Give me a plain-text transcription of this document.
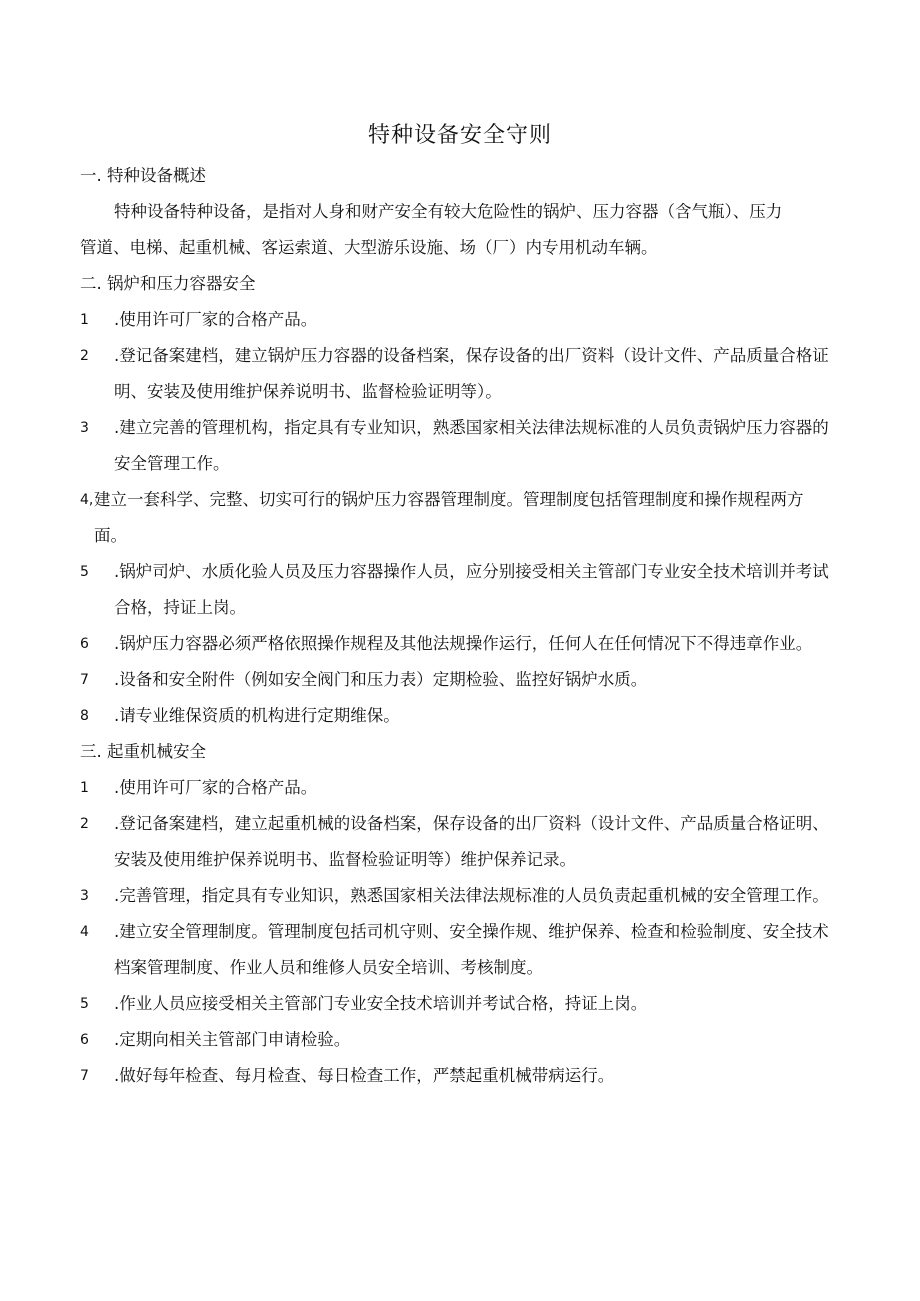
特种设备安全守则
一. 特种设备概述
特种设备特种设备，是指对人身和财产安全有较大危险性的锅炉、压力容器（含气瓶）、压力管道、电梯、起重机械、客运索道、大型游乐设施、场（厂）内专用机动车辆。
二. 锅炉和压力容器安全
1	.使用许可厂家的合格产品。
2	.登记备案建档，建立锅炉压力容器的设备档案，保存设备的出厂资料（设计文件、产品质量合格证明、安装及使用维护保养说明书、监督检验证明等）。
3	.建立完善的管理机构，指定具有专业知识，熟悉国家相关法律法规标准的人员负责锅炉压力容器的安全管理工作。
4, 建立一套科学、完整、切实可行的锅炉压力容器管理制度。管理制度包括管理制度和操作规程两方面。
5	.锅炉司炉、水质化验人员及压力容器操作人员，应分别接受相关主管部门专业安全技术培训并考试合格，持证上岗。
6	.锅炉压力容器必须严格依照操作规程及其他法规操作运行，任何人在任何情况下不得违章作业。
7	.设备和安全附件（例如安全阀门和压力表）定期检验、监控好锅炉水质。
8	.请专业维保资质的机构进行定期维保。
三. 起重机械安全
1	.使用许可厂家的合格产品。
2	.登记备案建档，建立起重机械的设备档案，保存设备的出厂资料（设计文件、产品质量合格证明、安装及使用维护保养说明书、监督检验证明等）维护保养记录。
3	.完善管理，指定具有专业知识，熟悉国家相关法律法规标准的人员负责起重机械的安全管理工作。
4	.建立安全管理制度。管理制度包括司机守则、安全操作规、维护保养、检查和检验制度、安全技术档案管理制度、作业人员和维修人员安全培训、考核制度。
5	.作业人员应接受相关主管部门专业安全技术培训并考试合格，持证上岗。
6	.定期向相关主管部门申请检验。
7	.做好每年检查、每月检查、每日检查工作，严禁起重机械带病运行。
